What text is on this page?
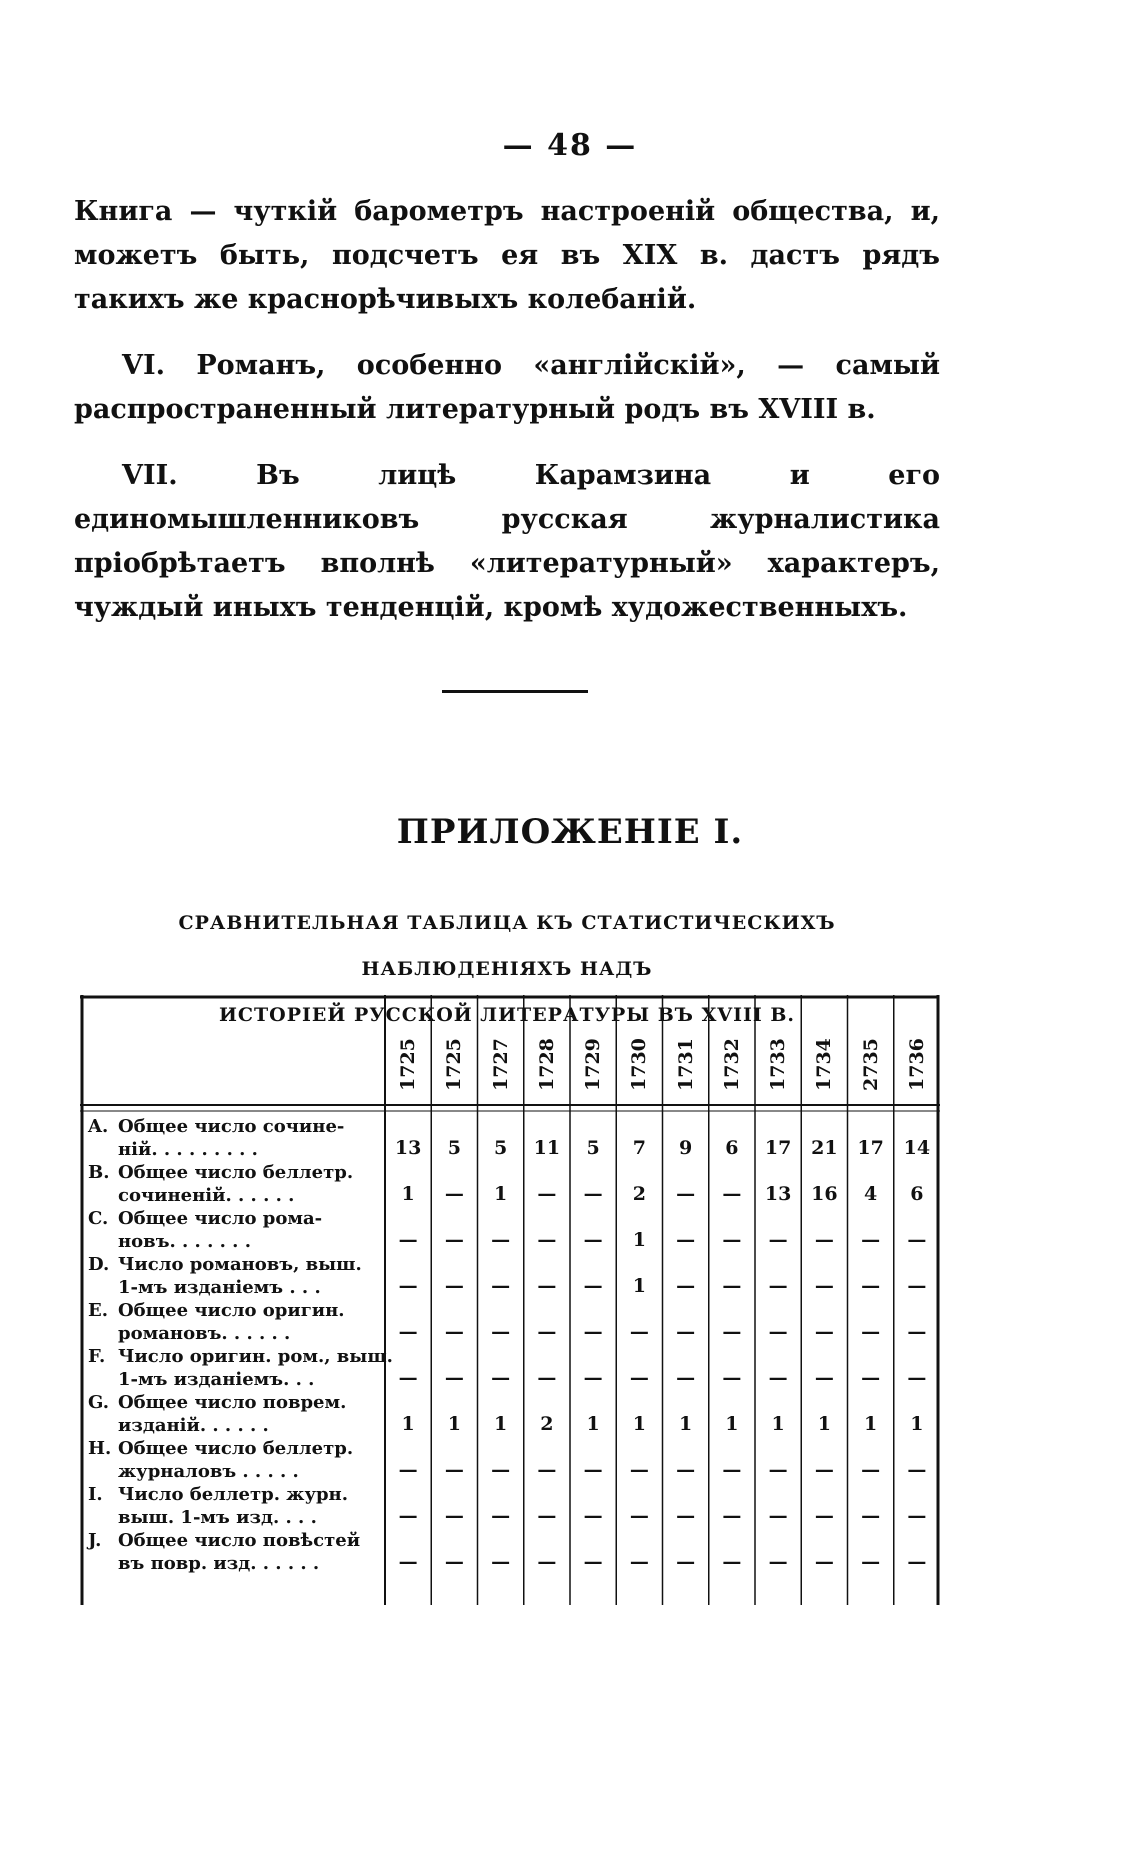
— 48 —

Книга — чуткій барометръ настроеній общества, и, можетъ быть, подсчетъ ея въ XIX в. дастъ рядъ такихъ же краснорѣчивыхъ колебаній.

VI. Романъ, особенно «англійскій», — самый распространенный литературный родъ въ XVIII в.

VII. Въ лицѣ Карамзина и его единомышленниковъ русская журналистика пріобрѣтаетъ вполнѣ «литературный» характеръ, чуждый иныхъ тенденцій, кромѣ художественныхъ.

ПРИЛОЖЕНІЕ I.
СРАВНИТЕЛЬНАЯ ТАБЛИЦА КЪ СТАТИСТИЧЕСКИХЪ НАБЛЮДЕНІЯХЪ НАДЪ
ИСТОРІЕЙ РУССКОЙ ЛИТЕРАТУРЫ ВЪ XVIII В.
1725 1725 1727 1728 1729 1730 1731 1732 1733 1734 2735 1736
A. Общее число сочине-
ній. . . . . . . . .	13	5	5	11	5	7	9	6	17	21	17	14
B. Общее число беллетр.
сочиненій. . . . . .	1	—	1	—	—	2	—	—	13	16	4	6
C. Общее число рома-
новъ. . . . . . .	—	—	—	—	—	1	—	—	—	—	—	—
D. Число романовъ, выш.
1-мъ изданіемъ . . .	—	—	—	—	—	1	—	—	—	—	—	—
E. Общее число оригин.
романовъ. . . . . .	—	—	—	—	—	—	—	—	—	—	—	—
F. Число оригин. ром., выш.
1-мъ изданіемъ. . .	—	—	—	—	—	—	—	—	—	—	—	—
G. Общее число поврем.
изданій. . . . . .	1	1	1	2	1	1	1	1	1	1	1	1
H. Общее число беллетр.
журналовъ . . . . .	—	—	—	—	—	—	—	—	—	—	—	—
I. Число беллетр. журн.
выш. 1-мъ изд. . . .	—	—	—	—	—	—	—	—	—	—	—	—
J. Общее число повѣстей
въ повр. изд. . . . . .	—	—	—	—	—	—	—	—	—	—	—	—
